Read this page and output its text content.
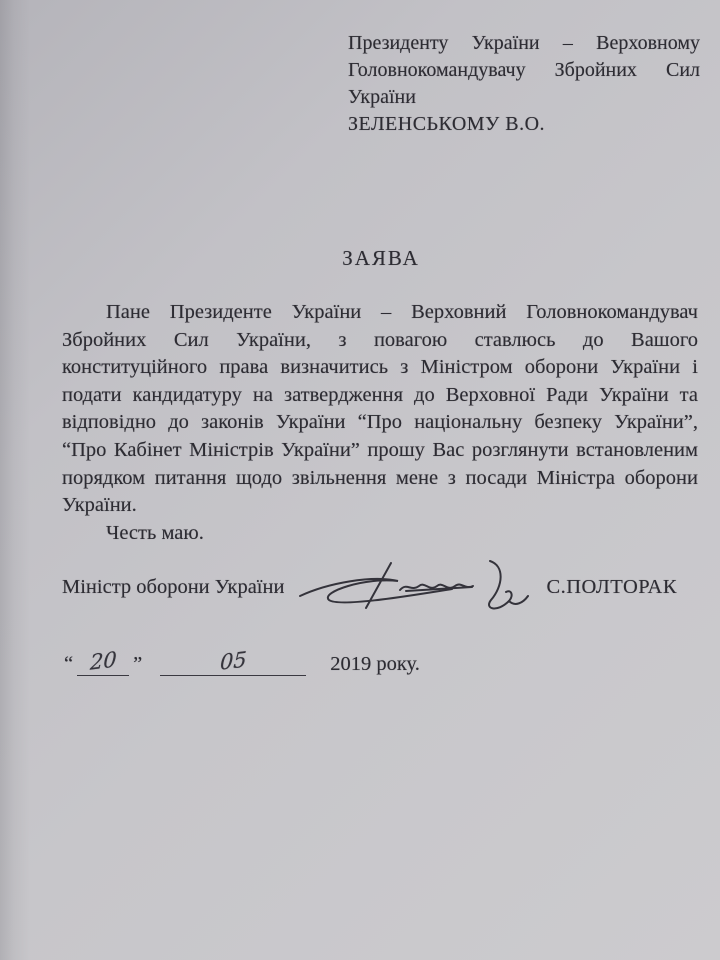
Президенту України – Верховному
Головнокомандувачу Збройних Сил
України
ЗЕЛЕНСЬКОМУ В.О.
ЗАЯВА

Пане Президенте України – Верховний Головнокомандувач Збройних Сил України, з повагою ставлюсь до Вашого конституційного права визначитись з Міністром оборони України і подати кандидатуру на затвердження до Верховної Ради України та відповідно до законів України “Про національну безпеку України”, “Про Кабінет Міністрів України” прошу Вас розглянути встановленим порядком питання щодо звільнення мене з посади Міністра оборони України.

Честь маю.

Міністр оборони України	С.ПОЛТОРАК
“ 20 ”	05	2019 року.
